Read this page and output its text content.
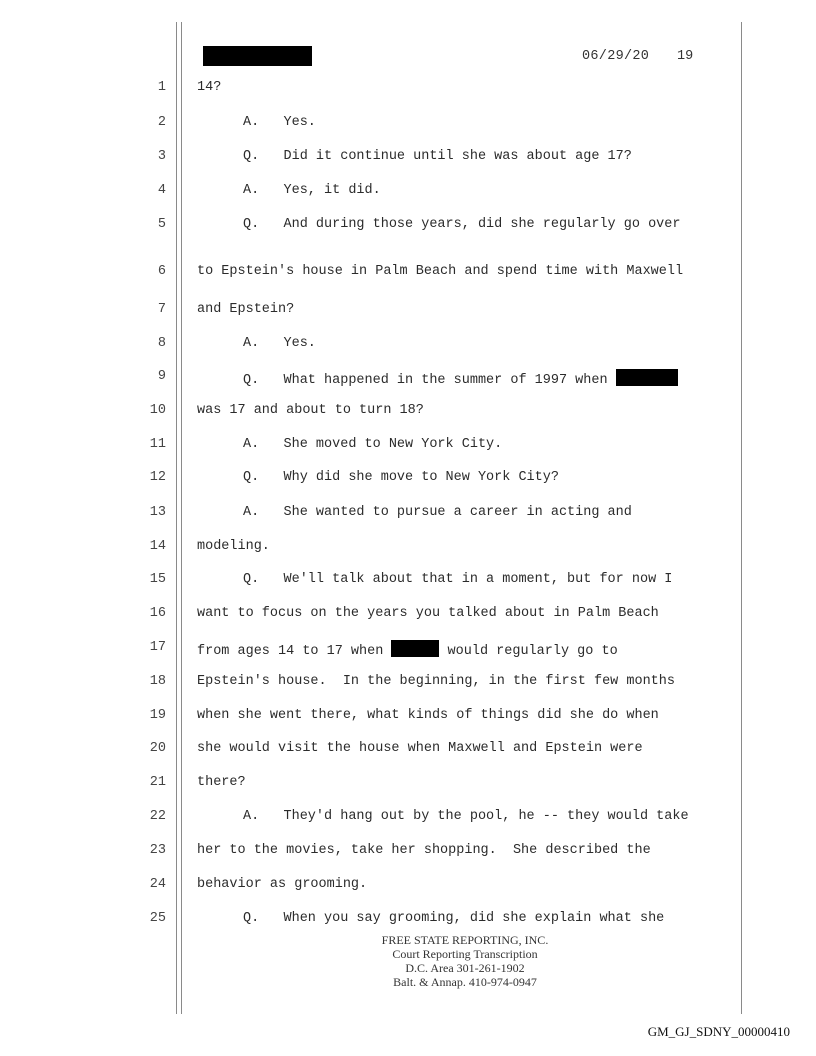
06/29/20 19
1 14?
2	A.   Yes.
3	Q.   Did it continue until she was about age 17?
4	A.   Yes, it did.
5	Q.   And during those years, did she regularly go over
6 to Epstein's house in Palm Beach and spend time with Maxwell
7 and Epstein?
8	A.   Yes.
9	Q.   What happened in the summer of 1997 when
10 was 17 and about to turn 18?
11	A.   She moved to New York City.
12	Q.   Why did she move to New York City?
13	A.   She wanted to pursue a career in acting and
14 modeling.
15	Q.   We'll talk about that in a moment, but for now I
16 want to focus on the years you talked about in Palm Beach
17 from ages 14 to 17 when	would regularly go to
18 Epstein's house.  In the beginning, in the first few months
19 when she went there, what kinds of things did she do when
20 she would visit the house when Maxwell and Epstein were
21 there?
22	A.   They'd hang out by the pool, he -- they would take
23 her to the movies, take her shopping.  She described the
24 behavior as grooming.
25	Q.   When you say grooming, did she explain what she
FREE STATE REPORTING, INC.
Court Reporting Transcription
D.C. Area 301-261-1902
Balt. & Annap. 410-974-0947
GM_GJ_SDNY_00000410
